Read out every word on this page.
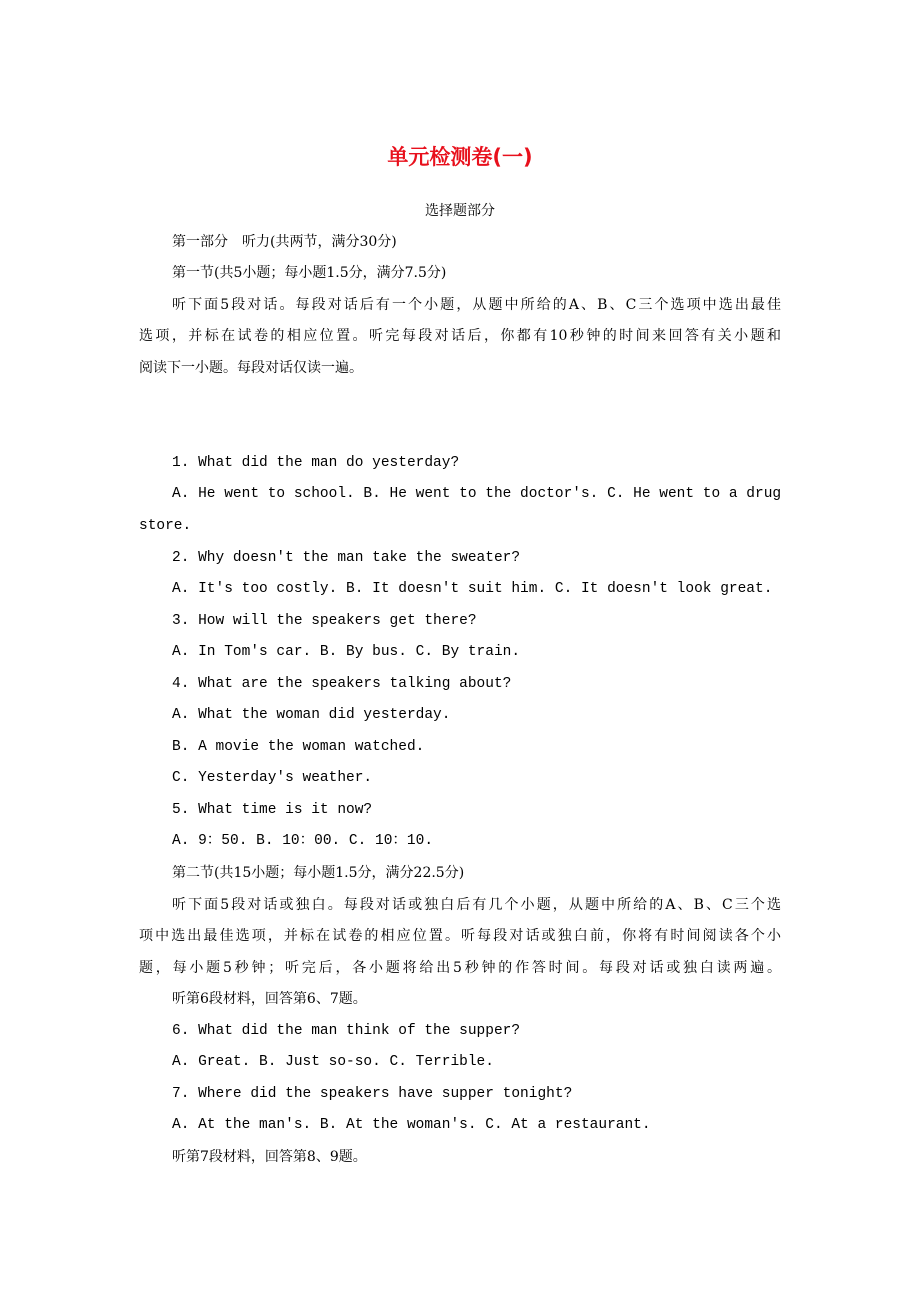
单元检测卷(一)
选择题部分
第一部分　听力(共两节，满分30分)
第一节(共5小题；每小题1.5分，满分7.5分)
听下面5段对话。每段对话后有一个小题，从题中所给的A、B、C三个选项中选出最佳
选项，并标在试卷的相应位置。听完每段对话后，你都有10秒钟的时间来回答有关小题和
阅读下一小题。每段对话仅读一遍。
1. What did the man do yesterday?
A. He went to school. B. He went to the doctor's. C. He went to a drug
store.
2. Why doesn't the man take the sweater?
A. It's too costly. B. It doesn't suit him. C. It doesn't look great.
3. How will the speakers get there?
A. In Tom's car. B. By bus. C. By train.
4. What are the speakers talking about?
A. What the woman did yesterday.
B. A movie the woman watched.
C. Yesterday's weather.
5. What time is it now?
A. 9：50. B. 10：00. C. 10：10.
第二节(共15小题；每小题1.5分，满分22.5分)
听下面5段对话或独白。每段对话或独白后有几个小题，从题中所给的A、B、C三个选
项中选出最佳选项，并标在试卷的相应位置。听每段对话或独白前，你将有时间阅读各个小
题，每小题5秒钟；听完后，各小题将给出5秒钟的作答时间。每段对话或独白读两遍。
听第6段材料，回答第6、7题。
6. What did the man think of the supper?
A. Great. B. Just so-so. C. Terrible.
7. Where did the speakers have supper tonight?
A. At the man's. B. At the woman's. C. At a restaurant.
听第7段材料，回答第8、9题。
